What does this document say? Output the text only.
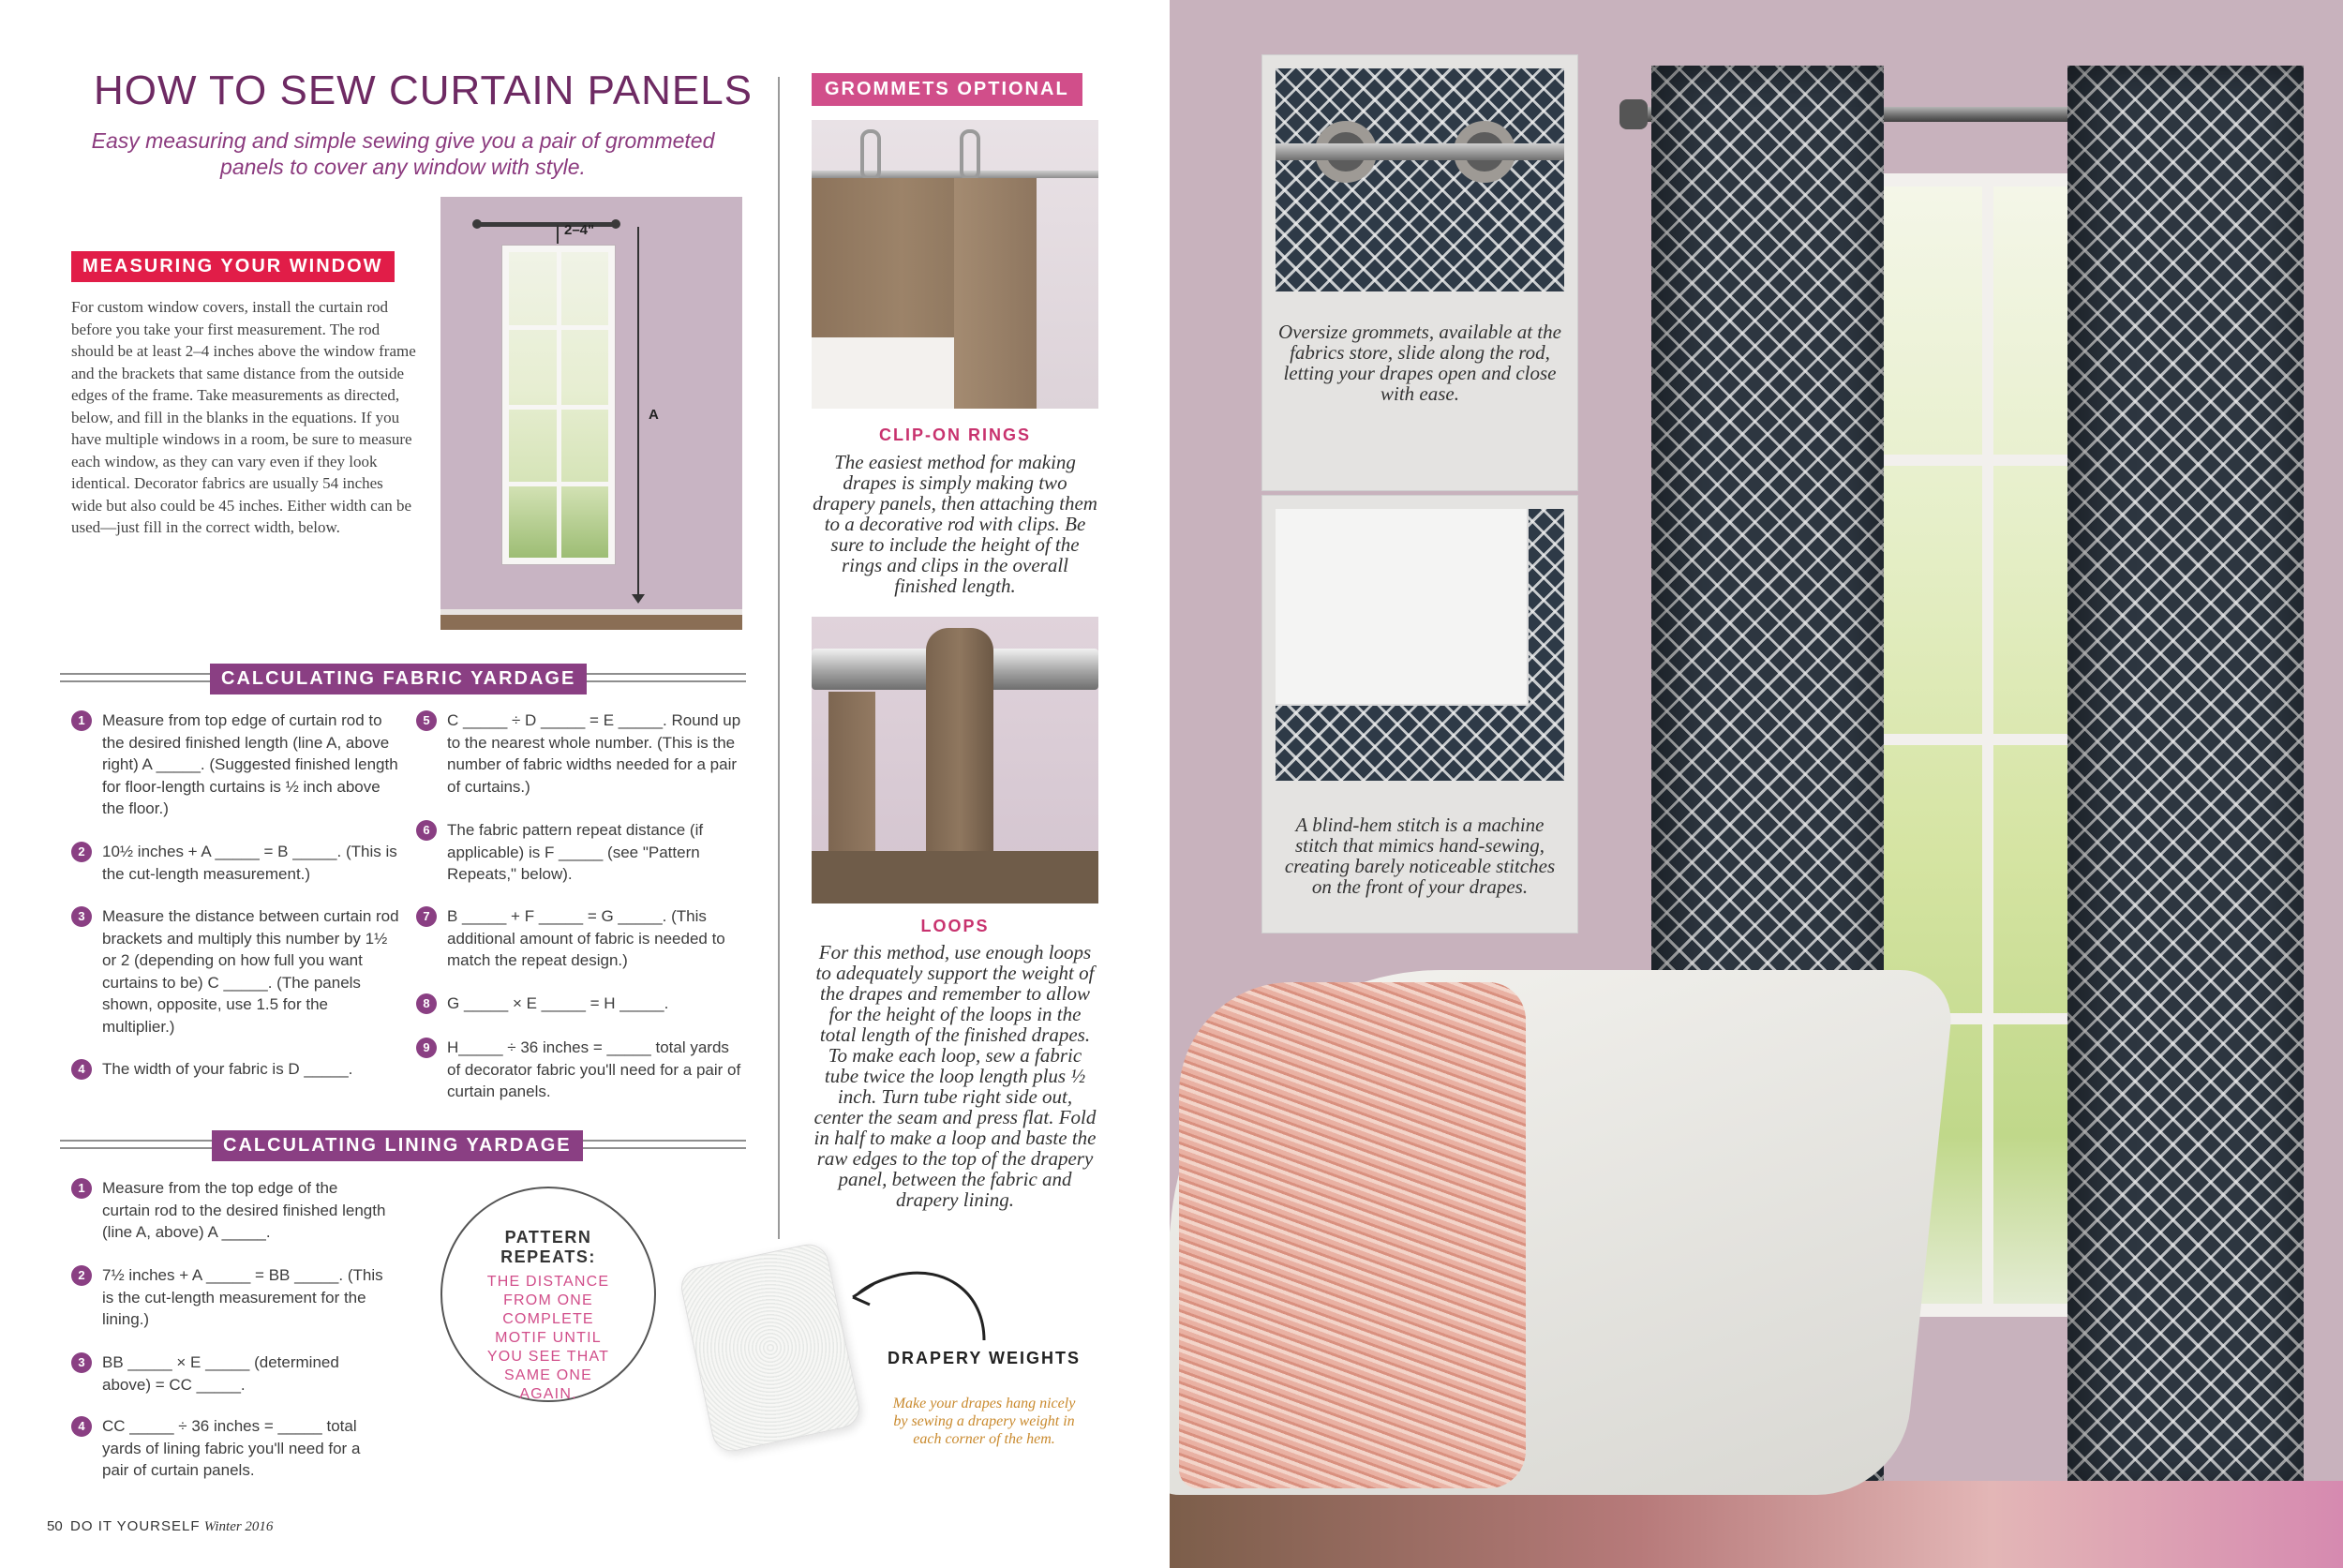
HOW TO SEW CURTAIN PANELS

Easy measuring and simple sewing give you a pair of grommeted panels to cover any window with style.

MEASURING YOUR WINDOW

For custom window covers, install the curtain rod before you take your first measurement. The rod should be at least 2–4 inches above the window frame and the brackets that same distance from the outside edges of the frame. Take measurements as directed, below, and fill in the blanks in the equations. If you have multiple windows in a room, be sure to measure each window, as they can vary even if they look identical. Decorator fabrics are usually 54 inches wide but also could be 45 inches. Either width can be used—just fill in the correct width, below.

2–4"
A
CALCULATING FABRIC YARDAGE
1	Measure from top edge of curtain rod to the desired finished length (line A, above right) A _____. (Suggested finished length for floor-length curtains is ½ inch above the floor.)
2	10½ inches + A _____ = B _____. (This is the cut-length measurement.)
3	Measure the distance between curtain rod brackets and multiply this number by 1½ or 2 (depending on how full you want curtains to be) C _____. (The panels shown, opposite, use 1.5 for the multiplier.)
4	The width of your fabric is D _____.
5	C _____ ÷ D _____ = E _____. Round up to the nearest whole number. (This is the number of fabric widths needed for a pair of curtains.)
6	The fabric pattern repeat distance (if applicable) is F _____ (see "Pattern Repeats," below).
7	B _____ + F _____ = G _____. (This additional amount of fabric is needed to match the repeat design.)
8	G _____ × E _____ = H _____.
9	H_____ ÷ 36 inches = _____ total yards of decorator fabric you'll need for a pair of curtain panels.
CALCULATING LINING YARDAGE
1	Measure from the top edge of the curtain rod to the desired finished length (line A, above) A _____.
2	7½ inches + A _____ = BB _____. (This is the cut-length measurement for the lining.)
3	BB _____ × E _____ (determined above) = CC _____.
4	CC _____ ÷ 36 inches = _____ total yards of lining fabric you'll need for a pair of curtain panels.
PATTERN REPEATS:
THE DISTANCE FROM ONE COMPLETE MOTIF UNTIL YOU SEE THAT SAME ONE AGAIN.
50 DO IT YOURSELF Winter 2016
GROMMETS OPTIONAL
CLIP-ON RINGS

The easiest method for making drapes is simply making two drapery panels, then attaching them to a decorative rod with clips. Be sure to include the height of the rings and clips in the overall finished length.

LOOPS

For this method, use enough loops to adequately support the weight of the drapes and remember to allow for the height of the loops in the total length of the finished drapes. To make each loop, sew a fabric tube twice the loop length plus ½ inch. Turn tube right side out, center the seam and press flat. Fold in half to make a loop and baste the raw edges to the top of the drapery panel, between the fabric and drapery lining.

DRAPERY WEIGHTS

Make your drapes hang nicely by sewing a drapery weight in each corner of the hem.

Oversize grommets, available at the fabrics store, slide along the rod, letting your drapes open and close with ease.

A blind-hem stitch is a machine stitch that mimics hand-sewing, creating barely noticeable stitches on the front of your drapes.
